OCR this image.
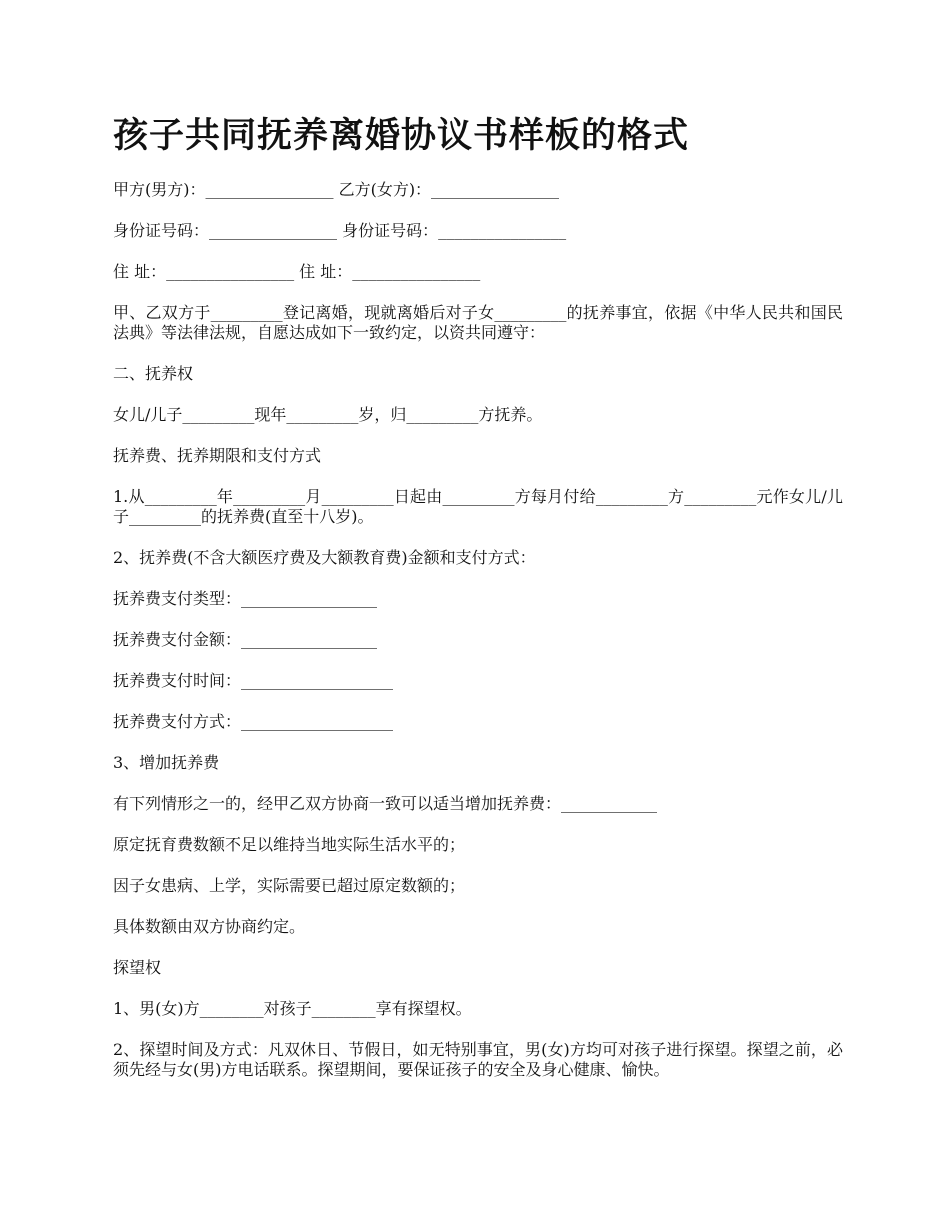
孩子共同抚养离婚协议书样板的格式

甲方(男方)：________________ 乙方(女方)：________________

身份证号码：________________ 身份证号码：________________

住 址：________________ 住 址：________________

甲、乙双方于_________登记离婚，现就离婚后对子女_________的抚养事宜，依据《中华人民共和国民法典》等法律法规，自愿达成如下一致约定，以资共同遵守：

二、抚养权

女儿/儿子_________现年_________岁，归_________方抚养。

抚养费、抚养期限和支付方式

1.从_________年_________月_________日起由_________方每月付给_________方_________元作女儿/儿子_________的抚养费(直至十八岁)。

2、抚养费(不含大额医疗费及大额教育费)金额和支付方式：

抚养费支付类型：_________________

抚养费支付金额：_________________

抚养费支付时间：___________________

抚养费支付方式：___________________

3、增加抚养费

有下列情形之一的，经甲乙双方协商一致可以适当增加抚养费：____________

原定抚育费数额不足以维持当地实际生活水平的；

因子女患病、上学，实际需要已超过原定数额的；

具体数额由双方协商约定。

探望权

1、男(女)方________对孩子________享有探望权。

2、探望时间及方式：凡双休日、节假日，如无特别事宜，男(女)方均可对孩子进行探望。探望之前，必须先经与女(男)方电话联系。探望期间，要保证孩子的安全及身心健康、愉快。
